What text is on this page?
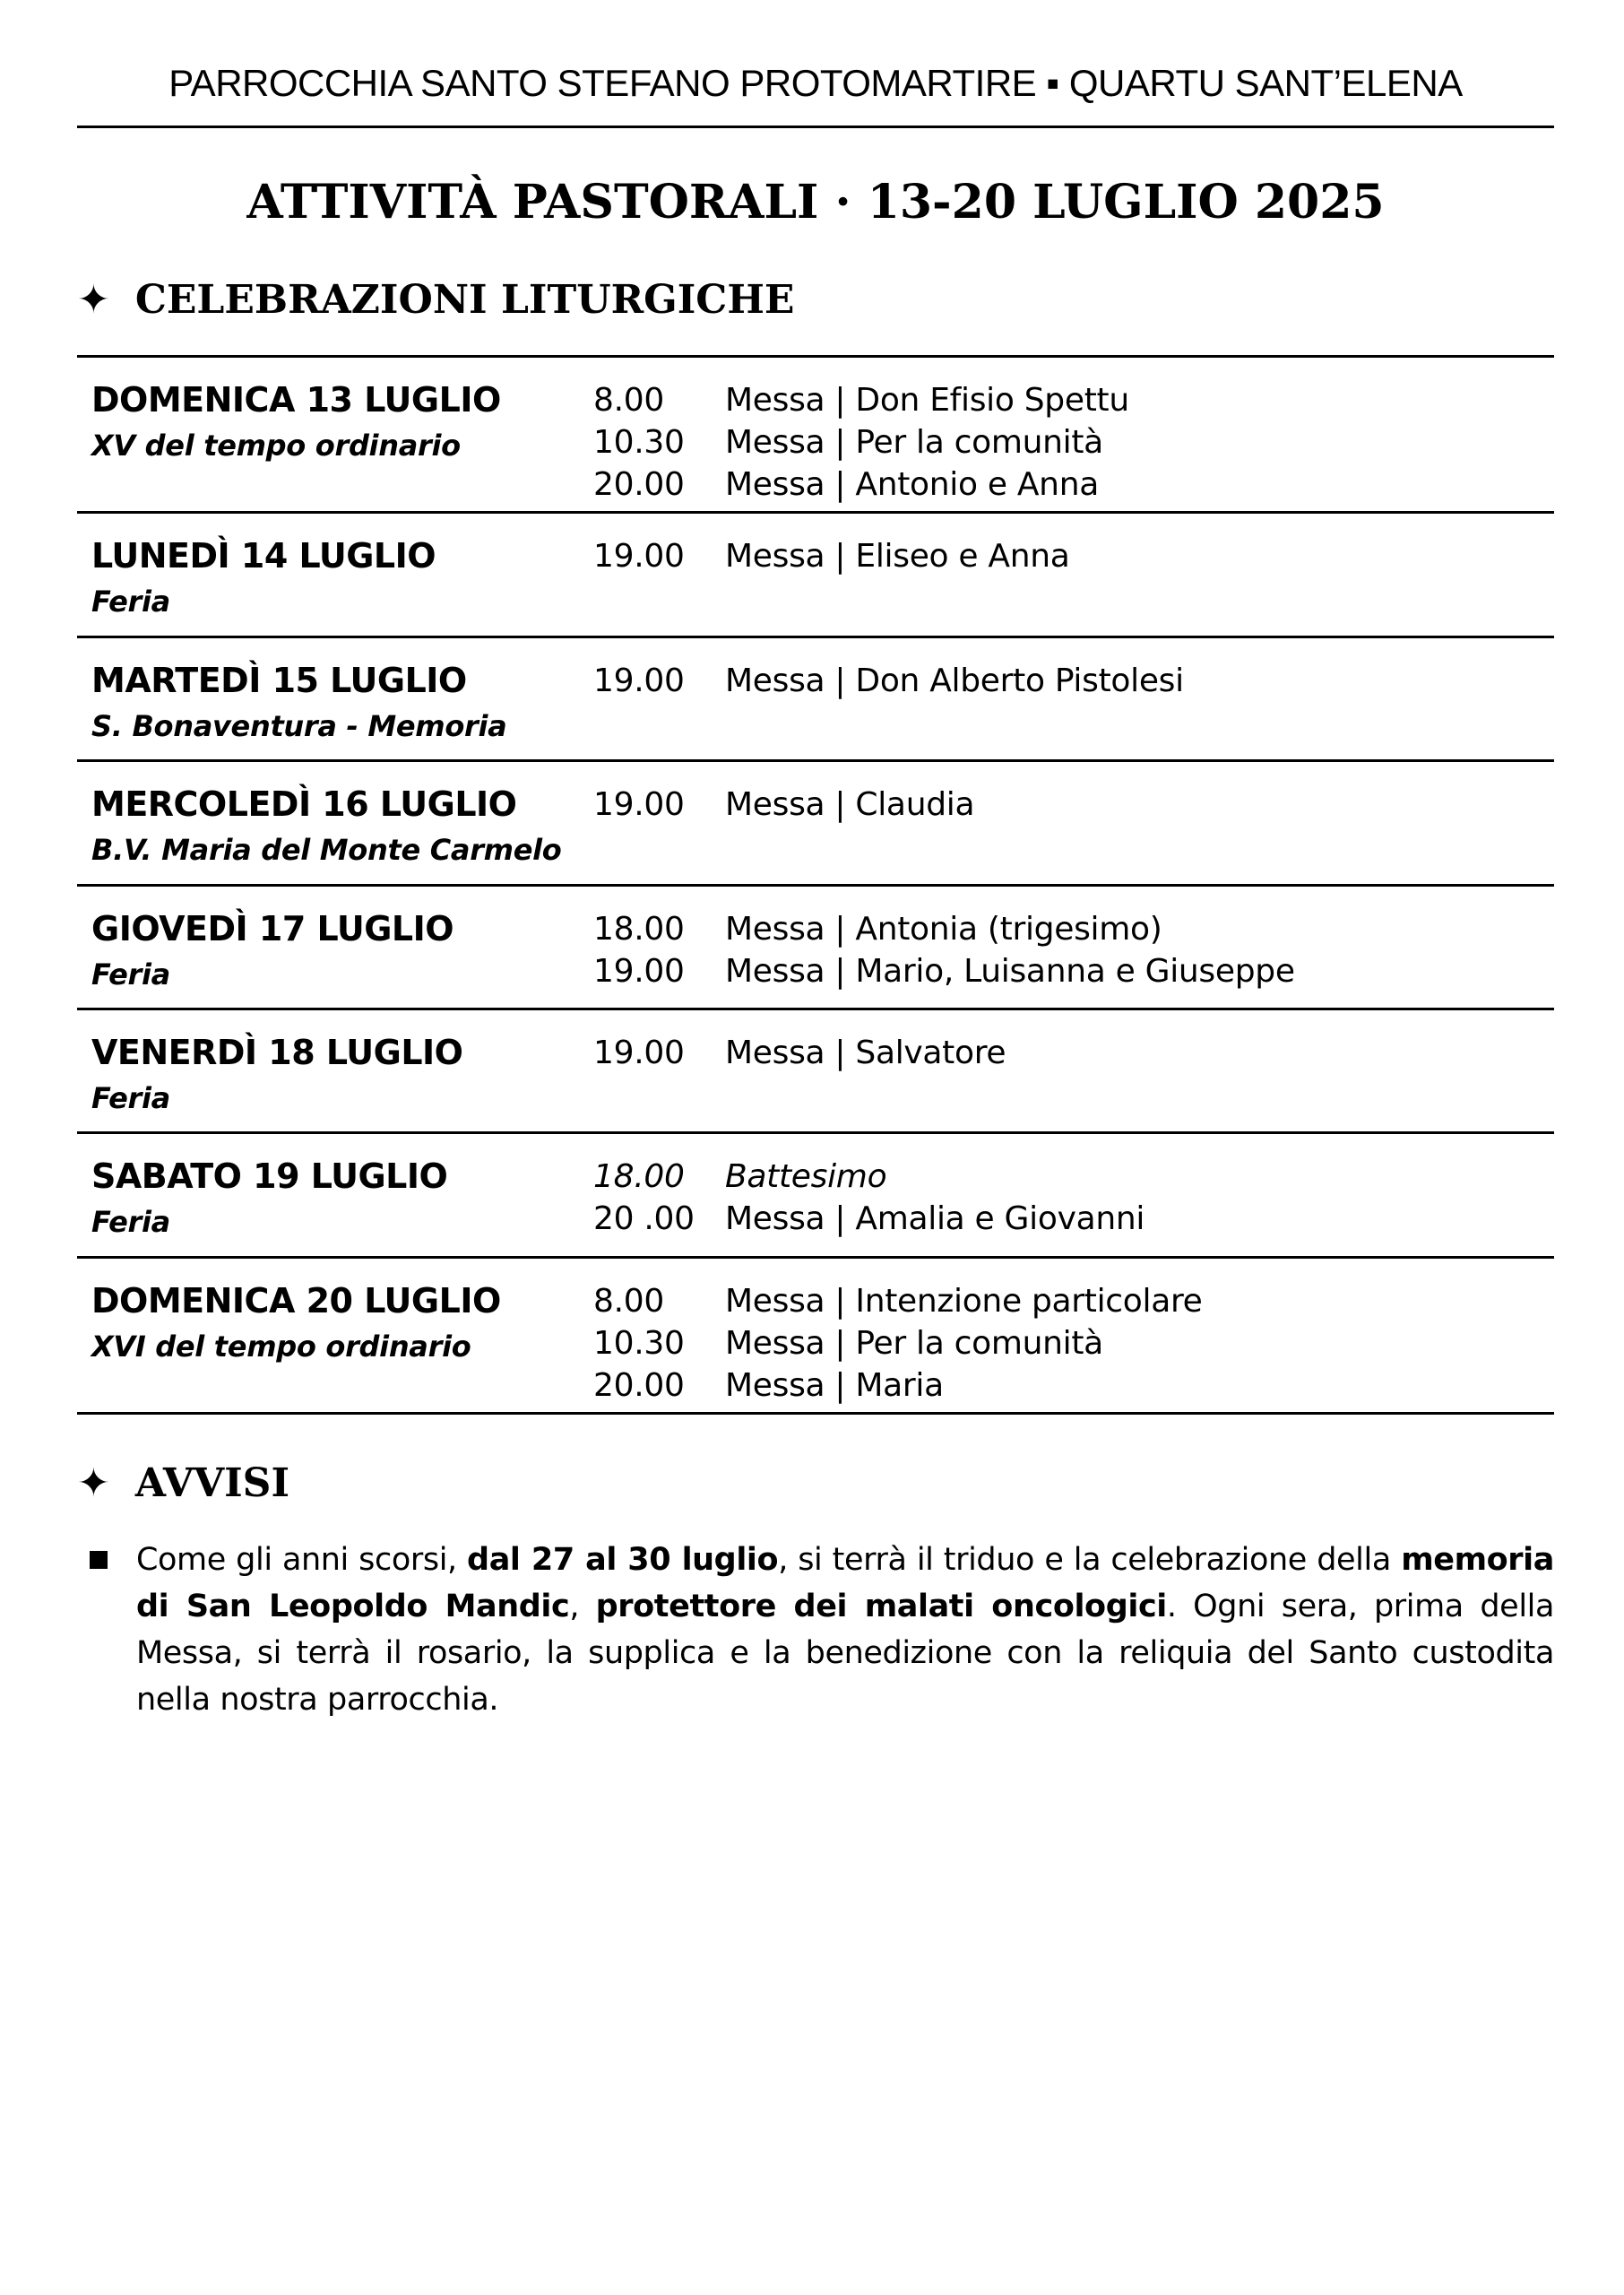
PARROCCHIA SANTO STEFANO PROTOMARTIRE ▪ QUARTU SANT’ELENA
ATTIVITÀ PASTORALI · 13-20 LUGLIO 2025
✦ CELEBRAZIONI LITURGICHE
DOMENICA 13 LUGLIO
XV del tempo ordinario
8.00	Messa | Don Efisio Spettu
10.30	Messa | Per la comunità
20.00	Messa | Antonio e Anna
LUNEDÌ 14 LUGLIO
Feria
19.00	Messa | Eliseo e Anna
MARTEDÌ 15 LUGLIO
S. Bonaventura - Memoria
19.00	Messa | Don Alberto Pistolesi
MERCOLEDÌ 16 LUGLIO
B.V. Maria del Monte Carmelo
19.00	Messa | Claudia
GIOVEDÌ 17 LUGLIO
Feria
18.00	Messa | Antonia (trigesimo)
19.00	Messa | Mario, Luisanna e Giuseppe
VENERDÌ 18 LUGLIO
Feria
19.00	Messa | Salvatore
SABATO 19 LUGLIO
Feria
18.00	Battesimo
20 .00 Messa | Amalia e Giovanni
DOMENICA 20 LUGLIO
XVI del tempo ordinario
8.00	Messa | Intenzione particolare
10.30	Messa | Per la comunità
20.00	Messa | Maria
✦ AVVISI
Come gli anni scorsi, dal 27 al 30 luglio, si terrà il triduo e la celebrazione della memoria di San Leopoldo Mandic, protettore dei malati oncologici. Ogni sera, prima della Messa, si terrà il rosario, la supplica e la benedizione con la reliquia del Santo custodita nella nostra parrocchia.
